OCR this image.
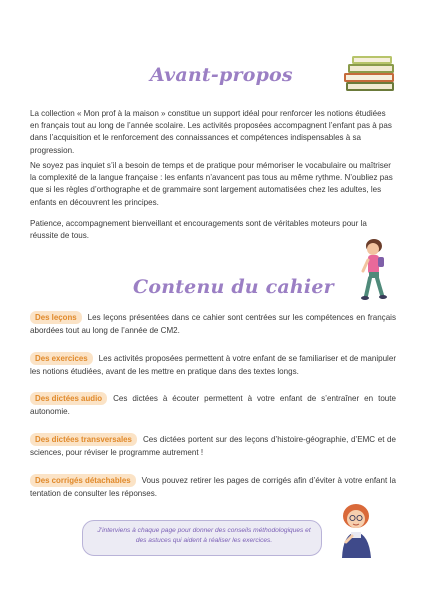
Avant-propos

La collection « Mon prof à la maison » constitue un support idéal pour renforcer les notions étudiées en français tout au long de l’année scolaire. Les activités proposées accompagnent l’enfant pas à pas dans l’acquisition et le renforcement des connaissances et compétences indispensables à sa progression.

Ne soyez pas inquiet s’il a besoin de temps et de pratique pour mémoriser le vocabulaire ou maîtriser la complexité de la langue française : les enfants n’avancent pas tous au même rythme. N’oubliez pas que si les règles d’orthographe et de grammaire sont largement automatisées chez les adultes, les enfants en découvrent les principes.

Patience, accompagnement bienveillant et encouragements sont de véritables moteurs pour la réussite de tous.

Contenu du cahier

Des leçons Les leçons présentées dans ce cahier sont centrées sur les compétences en français abordées tout au long de l’année de CM2.

Des exercices Les activités proposées permettent à votre enfant de se familiariser et de manipuler les notions étudiées, avant de les mettre en pratique dans des textes longs.

Des dictées audio Ces dictées à écouter permettent à votre enfant de s’entraîner en toute autonomie.

Des dictées transversales Ces dictées portent sur des leçons d’histoire-géographie, d’EMC et de sciences, pour réviser le programme autrement !

Des corrigés détachables Vous pouvez retirer les pages de corrigés afin d’éviter à votre enfant la tentation de consulter les réponses.

J’interviens à chaque page pour donner des conseils méthodologiques et des astuces qui aident à réaliser les exercices.
